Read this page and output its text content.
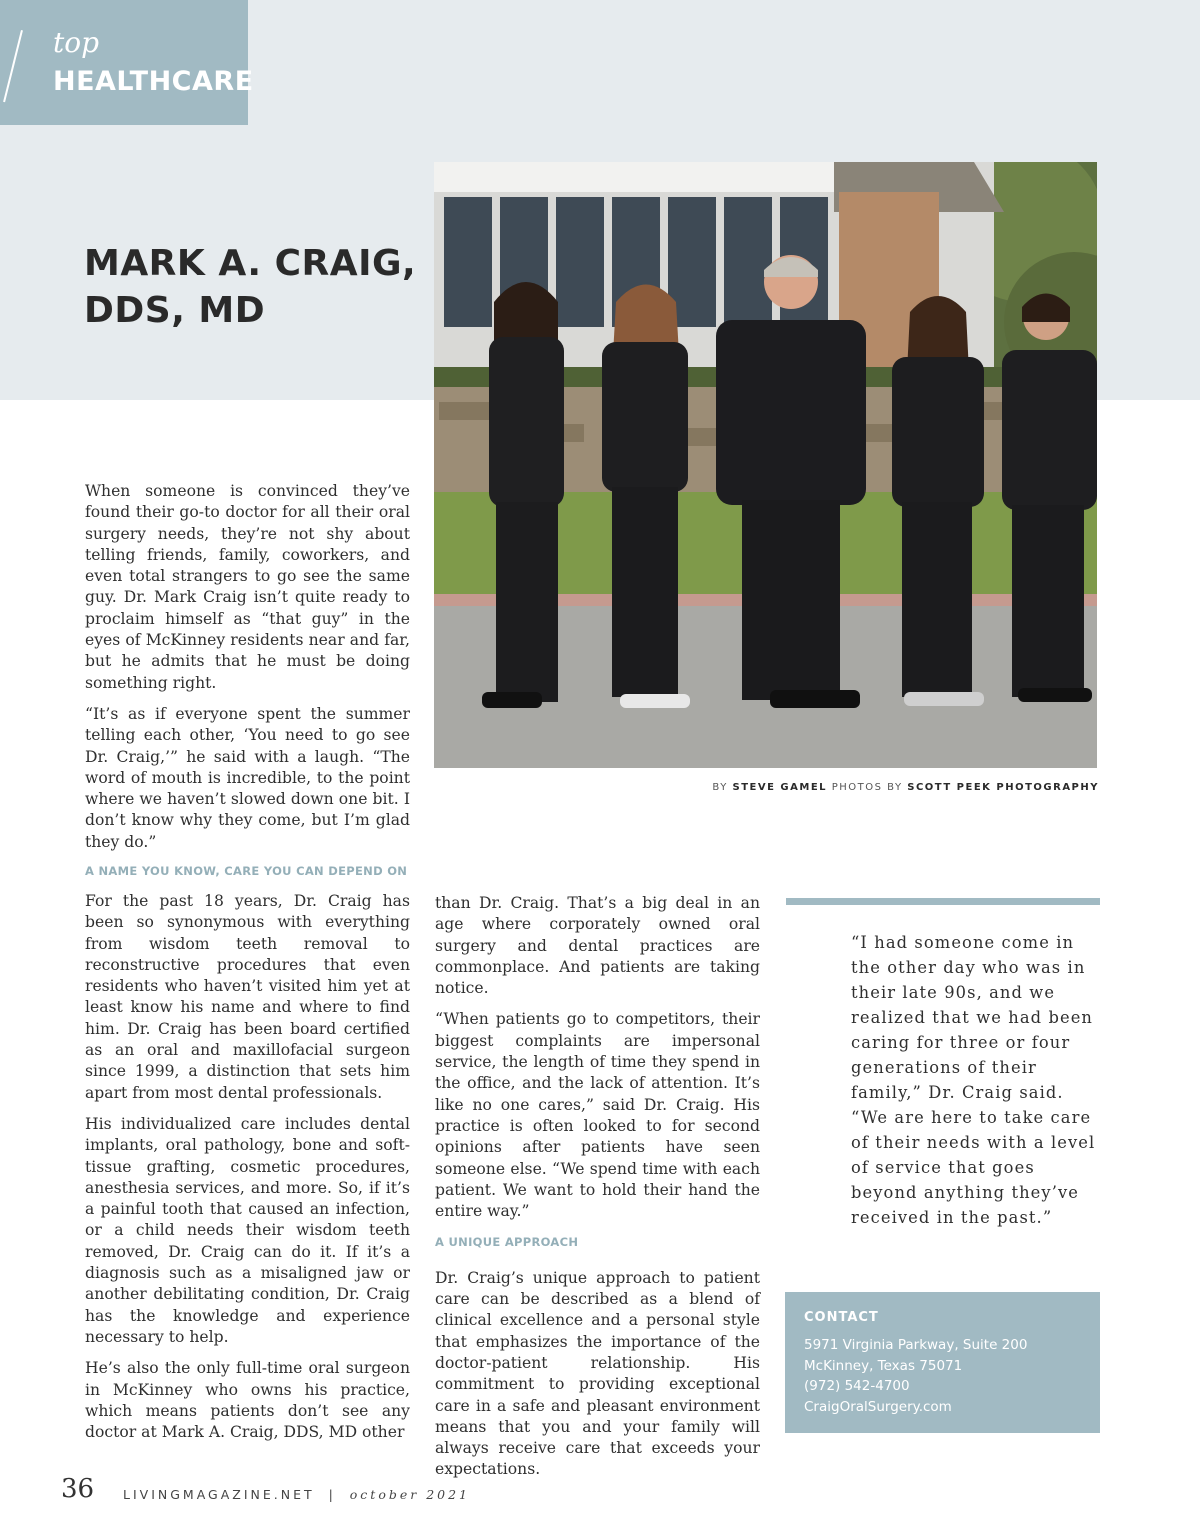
top
HEALTHCARE
MARK A. CRAIG,
DDS, MD
BY STEVE GAMEL PHOTOS BY SCOTT PEEK PHOTOGRAPHY

When someone is convinced they’ve found their go-to doctor for all their oral surgery needs, they’re not shy about telling friends, family, coworkers, and even total strangers to go see the same guy. Dr. Mark Craig isn’t quite ready to proclaim himself as “that guy” in the eyes of McKinney residents near and far, but he admits that he must be doing something right.

“It’s as if everyone spent the summer telling each other, ‘You need to go see Dr. Craig,’” he said with a laugh. “The word of mouth is incredible, to the point where we haven’t slowed down one bit. I don’t know why they come, but I’m glad they do.”

A NAME YOU KNOW, CARE YOU CAN DEPEND ON

For the past 18 years, Dr. Craig has been so synonymous with everything from wisdom teeth removal to reconstructive procedures that even residents who haven’t visited him yet at least know his name and where to find him. Dr. Craig has been board certified as an oral and maxillofacial surgeon since 1999, a distinction that sets him apart from most dental professionals.

His individualized care includes dental implants, oral pathology, bone and soft-tissue grafting, cosmetic procedures, anesthesia services, and more. So, if it’s a painful tooth that caused an infection, or a child needs their wisdom teeth removed, Dr. Craig can do it. If it’s a diagnosis such as a misaligned jaw or another debilitating condition, Dr. Craig has the knowledge and experience necessary to help.

He’s also the only full-time oral surgeon in McKinney who owns his practice, which means patients don’t see any doctor at Mark A. Craig, DDS, MD other

than Dr. Craig. That’s a big deal in an age where corporately owned oral surgery and dental practices are commonplace. And patients are taking notice.

“When patients go to competitors, their biggest complaints are impersonal service, the length of time they spend in the office, and the lack of attention. It’s like no one cares,” said Dr. Craig. His practice is often looked to for second opinions after patients have seen someone else. “We spend time with each patient. We want to hold their hand the entire way.”

A UNIQUE APPROACH

Dr. Craig’s unique approach to patient care can be described as a blend of clinical excellence and a personal style that emphasizes the importance of the doctor-patient relationship. His commitment to providing exceptional care in a safe and pleasant environment means that you and your family will always receive care that exceeds your expectations.

“I had someone come in the other day who was in their late 90s, and we realized that we had been caring for three or four generations of their family,” Dr. Craig said. “We are here to take care of their needs with a level of service that goes beyond anything they’ve received in the past.”
CONTACT
5971 Virginia Parkway, Suite 200
McKinney, Texas 75071
(972) 542-4700
CraigOralSurgery.com
36 LIVINGMAGAZINE.NET | october 2021
